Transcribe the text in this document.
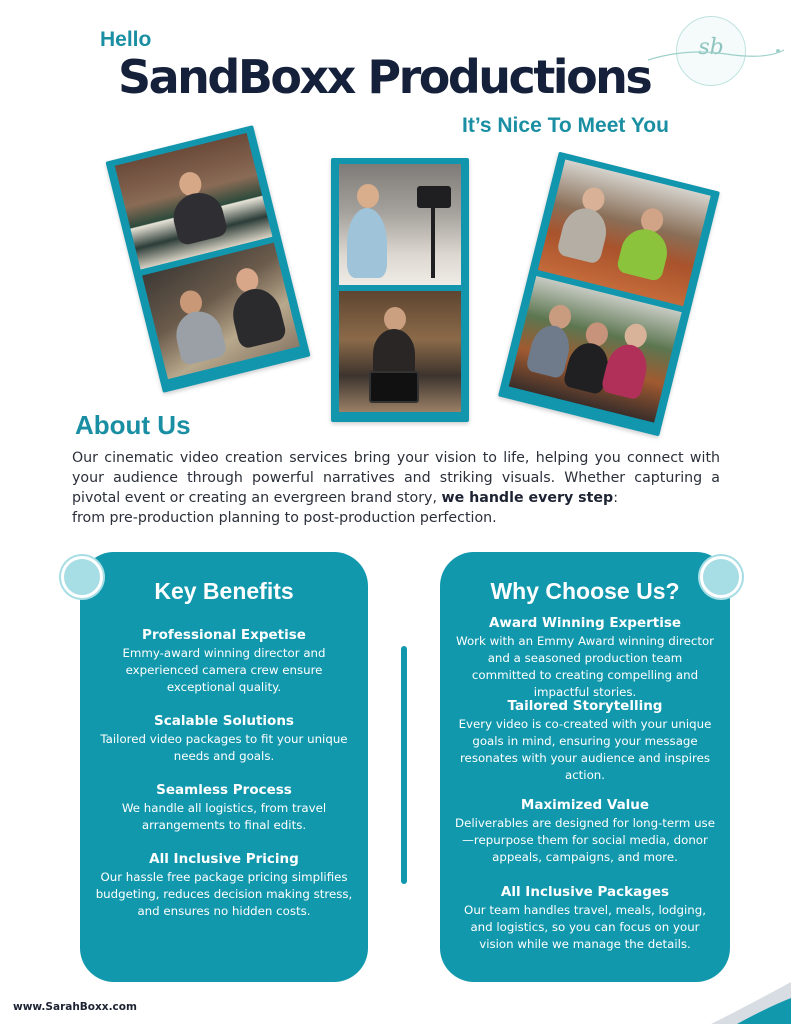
Hello
SandBoxx Productions
It’s Nice To Meet You
sb
About Us
Our cinematic video creation services bring your vision to life, helping you connect with your audience through powerful narratives and striking visuals. Whether capturing a pivotal event or creating an evergreen brand story, we handle every step:
from pre-production planning to post-production perfection.
Key Benefits
Professional Expetise
Emmy-award winning director and experienced camera crew ensure exceptional quality.
Scalable Solutions
Tailored video packages to fit your unique needs and goals.
Seamless Process
We handle all logistics, from travel arrangements to final edits.
All Inclusive Pricing
Our hassle free package pricing simplifies budgeting, reduces decision making stress, and ensures no hidden costs.
Why Choose Us?
Award Winning Expertise
Work with an Emmy Award winning director and a seasoned production team committed to creating compelling and impactful stories.
Tailored Storytelling
Every video is co-created with your unique goals in mind, ensuring your message resonates with your audience and inspires action.
Maximized Value
Deliverables are designed for long-term use—repurpose them for social media, donor appeals, campaigns, and more.
All Inclusive Packages
Our team handles travel, meals, lodging, and logistics, so you can focus on your vision while we manage the details.
www.SarahBoxx.com
